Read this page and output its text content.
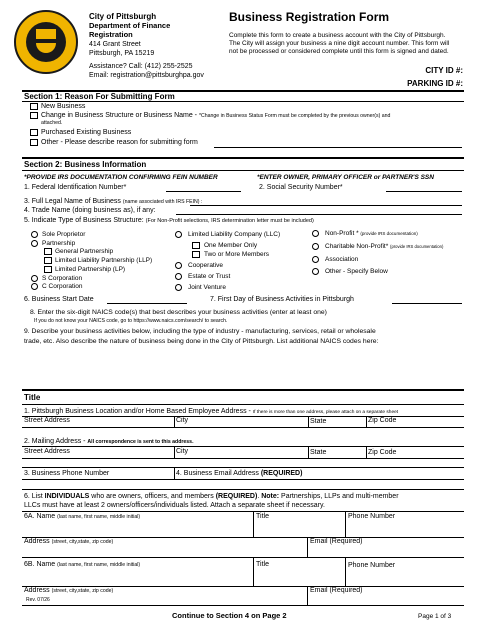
City of Pittsburgh
Department of Finance
Registration
414 Grant Street
Pittsburgh, PA 15219
Assistance? Call: (412) 255-2525
Email: registration@pittsburghpa.gov
Business Registration Form
Complete this form to create a business account with the City of Pittsburgh.
The City will assign your business a nine digit account number. This form will
not be processed or considered complete until this form is signed and dated.
CITY ID #:
PARKING ID #:
Section 1: Reason For Submitting Form
New Business
Change in Business Structure or Business Name - *Change in Business Status Form must be completed by the previous owner(s) and
attached.
Purchased Existing Business
Other - Please describe reason for submitting form
Section 2: Business Information
*PROVIDE IRS DOCUMENTATION CONFIRMING FEIN NUMBER	*ENTER OWNER, PRIMARY OFFICER or PARTNER'S SSN
1. Federal Identification Number*	2. Social Security Number*
3. Full Legal Name of Business (name associated with IRS FEIN) :
4. Trade Name (doing business as), if any:
5. Indicate Type of Business Structure: (For Non-Profit selections, IRS determination letter must be included)
Sole Proprietor
Partnership
General Partnership
Limited Liability Partnership (LLP)
Limited Partnership (LP)
S Corporation
C Corporation
Limited Liability Company (LLC)
One Member Only
Two or More Members
Cooperative
Estate or Trust
Joint Venture
Non-Profit * (provide IRS documentation)
Charitable Non-Profit* (provide IRS documentation)
Association
Other - Specify Below
6. Business Start Date	7. First Day of Business Activities in Pittsburgh
8. Enter the six-digit NAICS code(s) that best describes your business activities (enter at least one)
If you do not know your NAICS code, go to https://www.naics.com/search/ to search.
9. Describe your business activities below, including the type of industry - manufacturing, services, retail or wholesale
trade, etc. Also describe the nature of business being done in the City of Pittsburgh. List additional NAICS codes here:
Title
1. Pittsburgh Business Location and/or Home Based Employee Address - If there is more than one address, please attach on a separate sheet
Street Address	City	State	Zip Code
2. Mailing Address - All correspondence is sent to this address.
Street Address	City	State	Zip Code
3. Business Phone Number	4. Business Email Address (REQUIRED)
6. List INDIVIDUALS who are owners, officers, and members (REQUIRED). Note: Partnerships, LLPs and multi-member
LLCs must have at least 2 owners/officers/individuals listed. Attach a separate sheet if necessary.
6A. Name (last name, first name, middle initial)	Title	Phone Number
Address (street, city,state, zip code)	Email (Required)
6B. Name (last name, first name, middle initial)	Title	Phone Number
Address (street, city,state, zip code)	Email (Required)
Rev. 07/26
Continue to Section 4 on Page 2	Page 1 of 3
